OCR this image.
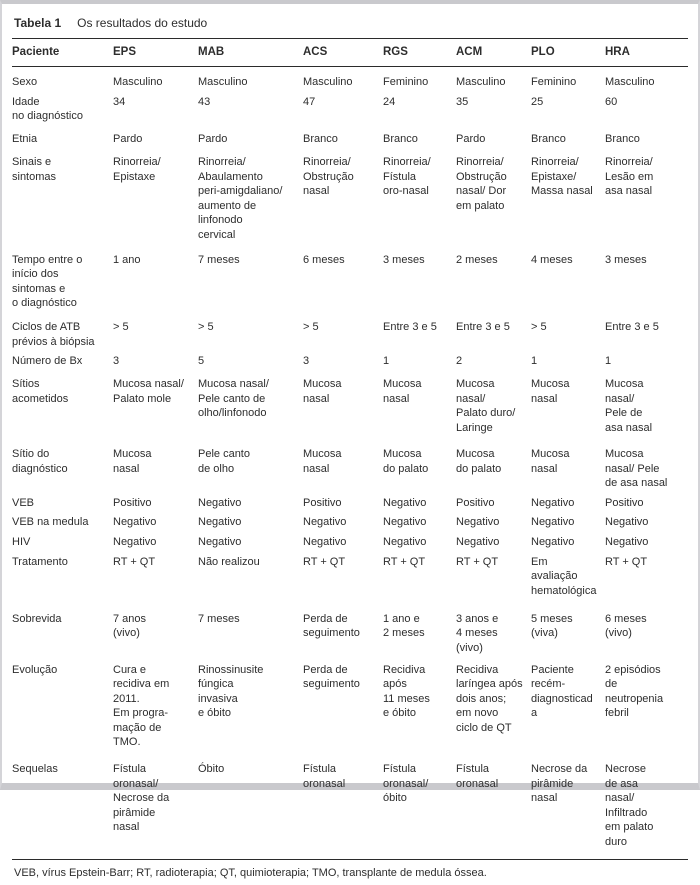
Tabela 1 Os resultados do estudo
Paciente	EPS	MAB	ACS	RGS	ACM	PLO	HRA
Sexo	Masculino	Masculino	Masculino	Feminino	Masculino	Feminino	Masculino
Idade
no diagnóstico	34	43	47	24	35	25	60
Etnia	Pardo	Pardo	Branco	Branco	Pardo	Branco	Branco
Sinais e
sintomas	Rinorreia/
Epistaxe	Rinorreia/
Abaulamento
peri-amigdaliano/
aumento de
linfonodo
cervical	Rinorreia/
Obstrução
nasal	Rinorreia/
Fístula
oro-nasal	Rinorreia/
Obstrução
nasal/ Dor
em palato	Rinorreia/
Epistaxe/
Massa nasal	Rinorreia/
Lesão em
asa nasal
Tempo entre o
início dos
sintomas e
o diagnóstico	1 ano	7 meses	6 meses	3 meses	2 meses	4 meses	3 meses
Ciclos de ATB
prévios à biópsia	> 5	> 5	> 5	Entre 3 e 5	Entre 3 e 5	> 5	Entre 3 e 5
Número de Bx	3	5	3	1	2	1	1
Sítios
acometidos	Mucosa nasal/
Palato mole	Mucosa nasal/
Pele canto de
olho/linfonodo	Mucosa
nasal	Mucosa
nasal	Mucosa
nasal/
Palato duro/
Laringe	Mucosa
nasal	Mucosa
nasal/
Pele de
asa nasal
Sítio do
diagnóstico	Mucosa
nasal	Pele canto
de olho	Mucosa
nasal	Mucosa
do palato	Mucosa
do palato	Mucosa
nasal	Mucosa
nasal/ Pele
de asa nasal
VEB	Positivo	Negativo	Positivo	Negativo	Positivo	Negativo	Positivo
VEB na medula	Negativo	Negativo	Negativo	Negativo	Negativo	Negativo	Negativo
HIV	Negativo	Negativo	Negativo	Negativo	Negativo	Negativo	Negativo
Tratamento	RT + QT	Não realizou	RT + QT	RT + QT	RT + QT	Em avaliação
hematológica	RT + QT
Sobrevida	7 anos
(vivo)	7 meses	Perda de
seguimento	1 ano e
2 meses	3 anos e
4 meses (vivo)	5 meses
(viva)	6 meses
(vivo)
Evolução	Cura e
recidiva em
2011.
Em progra-
mação de
TMO.	Rinossinusite
fúngica
invasiva
e óbito	Perda de
seguimento	Recidiva
após
11 meses
e óbito	Recidiva
laríngea após
dois anos;
em novo
ciclo de QT	Paciente
recém-
diagnosticada	2 episódios
de
neutropenia
febril
Sequelas	Fístula
oronasal/
Necrose da
pirâmide
nasal	Óbito	Fístula
oronasal	Fístula
oronasal/
óbito	Fístula
oronasal	Necrose da
pirâmide
nasal	Necrose
de asa
nasal/
Infiltrado
em palato
duro
VEB, vírus Epstein-Barr; RT, radioterapia; QT, quimioterapia; TMO, transplante de medula óssea.
